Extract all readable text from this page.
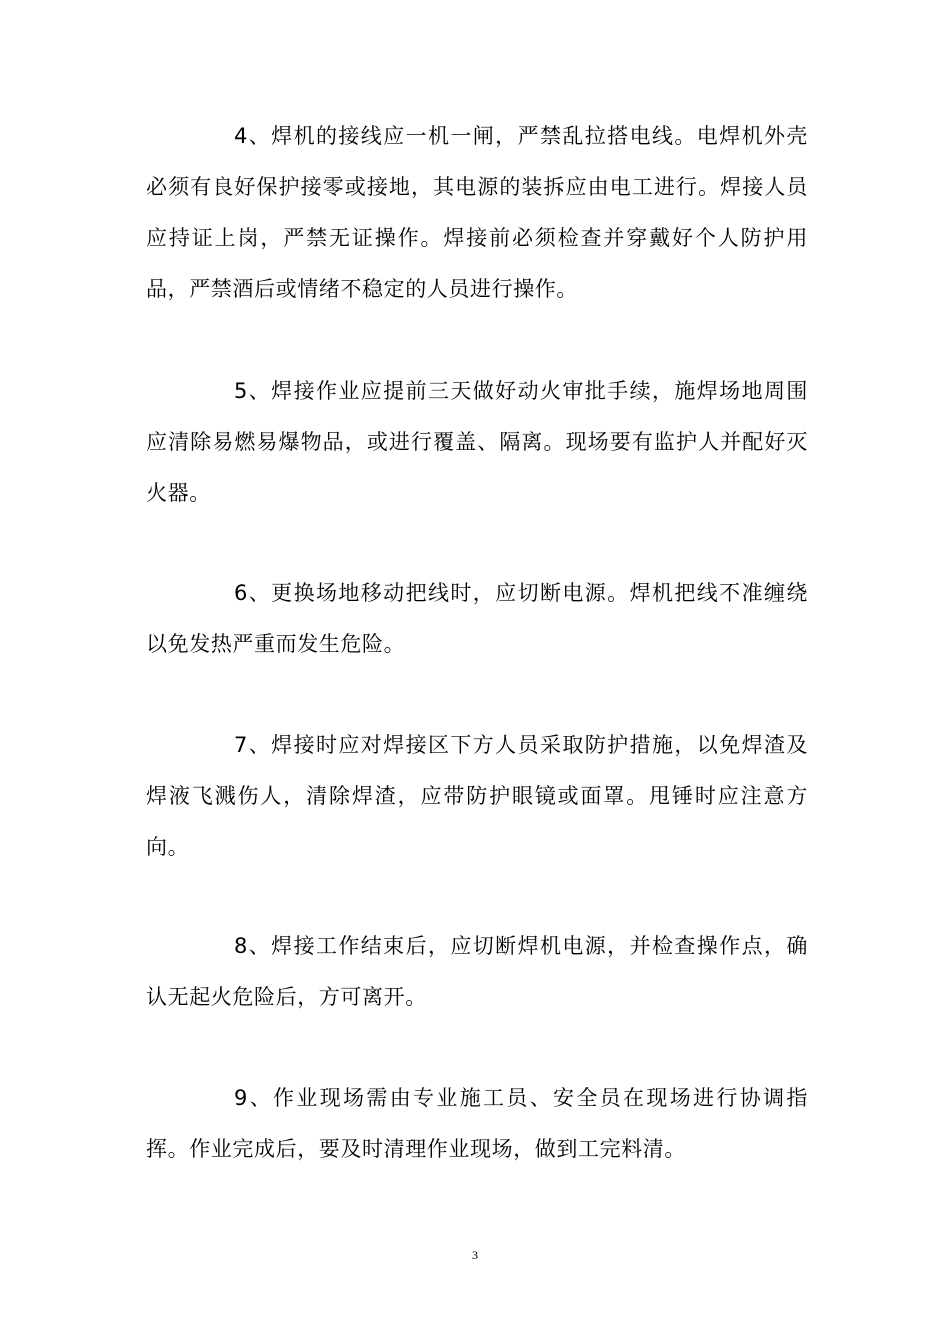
4、焊机的接线应一机一闸，严禁乱拉搭电线。电焊机外壳必须有良好保护接零或接地，其电源的装拆应由电工进行。焊接人员应持证上岗，严禁无证操作。焊接前必须检查并穿戴好个人防护用品，严禁酒后或情绪不稳定的人员进行操作。

5、焊接作业应提前三天做好动火审批手续，施焊场地周围应清除易燃易爆物品，或进行覆盖、隔离。现场要有监护人并配好灭火器。

6、更换场地移动把线时，应切断电源。焊机把线不准缠绕以免发热严重而发生危险。

7、焊接时应对焊接区下方人员采取防护措施，以免焊渣及焊液飞溅伤人，清除焊渣，应带防护眼镜或面罩。甩锤时应注意方向。

8、焊接工作结束后，应切断焊机电源，并检查操作点，确认无起火危险后，方可离开。

9、作业现场需由专业施工员、安全员在现场进行协调指挥。作业完成后，要及时清理作业现场，做到工完料清。

3
